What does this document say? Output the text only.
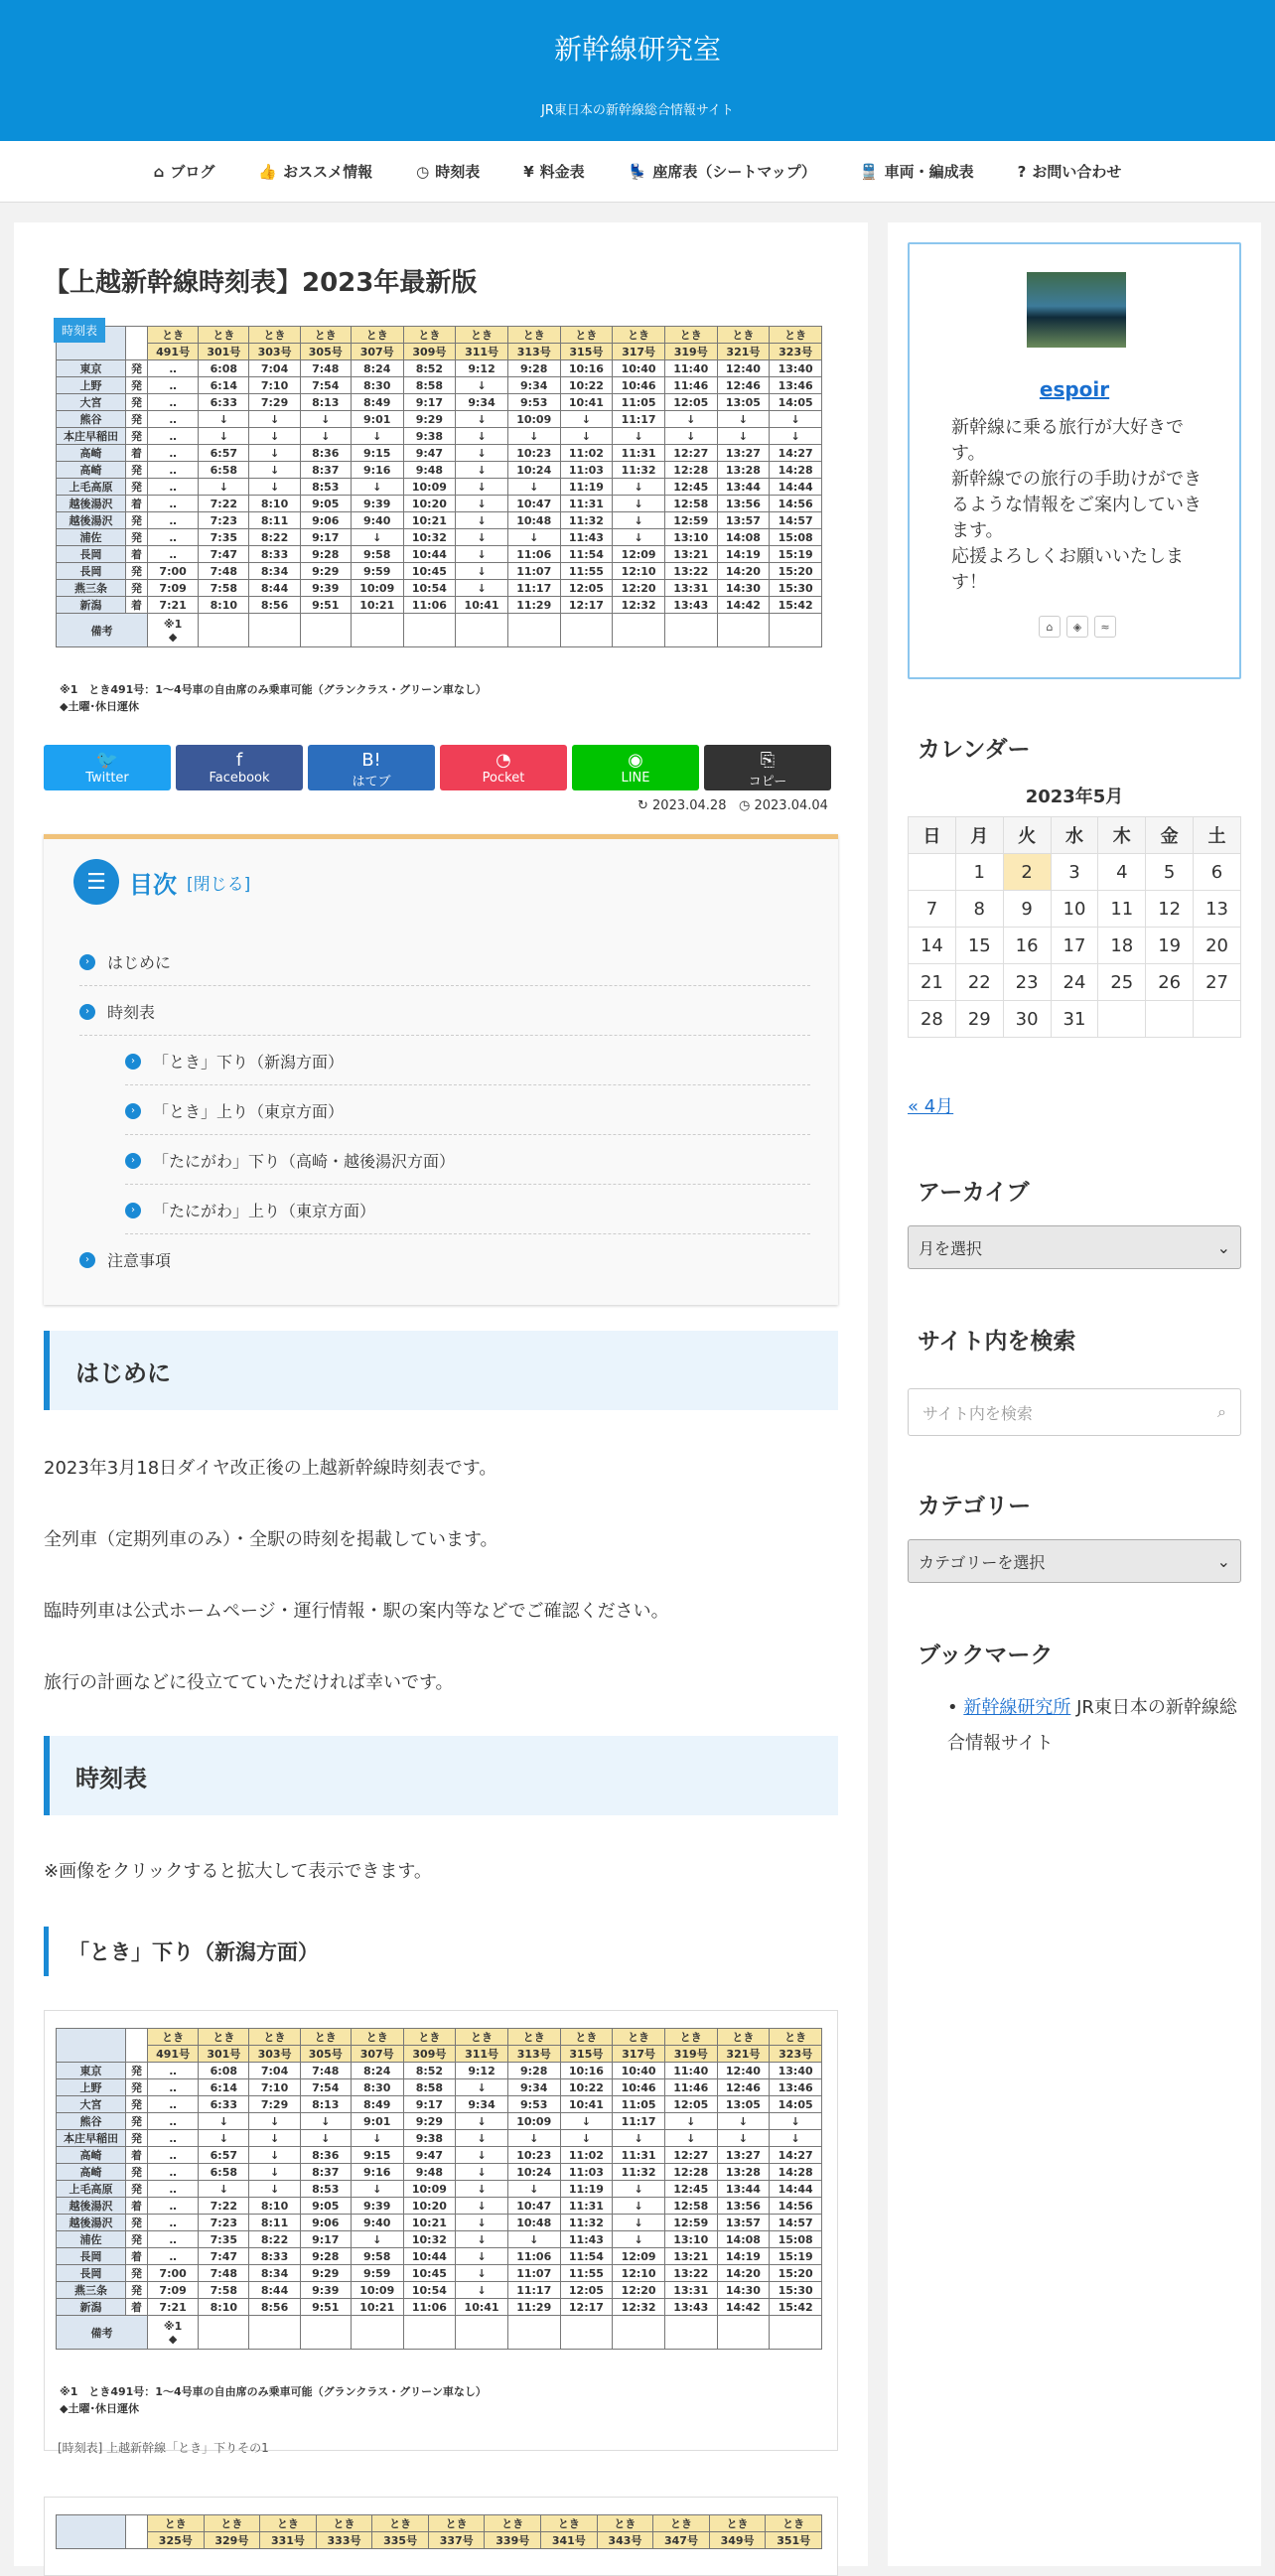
新幹線研究室
JR東日本の新幹線総合情報サイト
⌂ ブログ	👍 おススメ情報	◷ 時刻表	¥ 料金表	💺 座席表（シートマップ）	🚆 車両・編成表	? お問い合わせ
【上越新幹線時刻表】2023年最新版
		とき	とき	とき	とき	とき	とき	とき	とき	とき	とき	とき	とき	とき
		491号	301号	303号	305号	307号	309号	311号	313号	315号	317号	319号	321号	323号
東京	発	‥	6:08	7:04	7:48	8:24	8:52	9:12	9:28	10:16	10:40	11:40	12:40	13:40
上野	発	‥	6:14	7:10	7:54	8:30	8:58	↓	9:34	10:22	10:46	11:46	12:46	13:46
大宮	発	‥	6:33	7:29	8:13	8:49	9:17	9:34	9:53	10:41	11:05	12:05	13:05	14:05
熊谷	発	‥	↓	↓	↓	9:01	9:29	↓	10:09	↓	11:17	↓	↓	↓
本庄早稲田	発	‥	↓	↓	↓	↓	9:38	↓	↓	↓	↓	↓	↓	↓
高崎	着	‥	6:57	↓	8:36	9:15	9:47	↓	10:23	11:02	11:31	12:27	13:27	14:27
高崎	発	‥	6:58	↓	8:37	9:16	9:48	↓	10:24	11:03	11:32	12:28	13:28	14:28
上毛高原	発	‥	↓	↓	8:53	↓	10:09	↓	↓	11:19	↓	12:45	13:44	14:44
越後湯沢	着	‥	7:22	8:10	9:05	9:39	10:20	↓	10:47	11:31	↓	12:58	13:56	14:56
越後湯沢	発	‥	7:23	8:11	9:06	9:40	10:21	↓	10:48	11:32	↓	12:59	13:57	14:57
浦佐	発	‥	7:35	8:22	9:17	↓	10:32	↓	↓	11:43	↓	13:10	14:08	15:08
長岡	着	‥	7:47	8:33	9:28	9:58	10:44	↓	11:06	11:54	12:09	13:21	14:19	15:19
長岡	発	7:00	7:48	8:34	9:29	9:59	10:45	↓	11:07	11:55	12:10	13:22	14:20	15:20
燕三条	発	7:09	7:58	8:44	9:39	10:09	10:54	↓	11:17	12:05	12:20	13:31	14:30	15:30
新潟	着	7:21	8:10	8:56	9:51	10:21	11:06	10:41	11:29	12:17	12:32	13:43	14:42	15:42
備考		※1
◆												

時刻表
※1　とき491号：1〜4号車の自由席のみ乗車可能（グランクラス・グリーン車なし）
◆土曜･休日運休
🐦
Twitter
f
Facebook
B!
はてブ
◔
Pocket
◉
LINE
⎘
コピー
↻ 2023.04.28 ◷ 2023.04.04
☰ 目次 [閉じる]
›	はじめに
›	時刻表
›	「とき」下り（新潟方面）
›	「とき」上り（東京方面）
›	「たにがわ」下り（高崎・越後湯沢方面）
›	「たにがわ」上り（東京方面）
›	注意事項
はじめに
2023年3月18日ダイヤ改正後の上越新幹線時刻表です。
全列車（定期列車のみ）・全駅の時刻を掲載しています。
臨時列車は公式ホームページ・運行情報・駅の案内等などでご確認ください。
旅行の計画などに役立てていただければ幸いです。
時刻表
※画像をクリックすると拡大して表示できます。
「とき」下り（新潟方面）
		とき	とき	とき	とき	とき	とき	とき	とき	とき	とき	とき	とき	とき
		491号	301号	303号	305号	307号	309号	311号	313号	315号	317号	319号	321号	323号
東京	発	‥	6:08	7:04	7:48	8:24	8:52	9:12	9:28	10:16	10:40	11:40	12:40	13:40
上野	発	‥	6:14	7:10	7:54	8:30	8:58	↓	9:34	10:22	10:46	11:46	12:46	13:46
大宮	発	‥	6:33	7:29	8:13	8:49	9:17	9:34	9:53	10:41	11:05	12:05	13:05	14:05
熊谷	発	‥	↓	↓	↓	9:01	9:29	↓	10:09	↓	11:17	↓	↓	↓
本庄早稲田	発	‥	↓	↓	↓	↓	9:38	↓	↓	↓	↓	↓	↓	↓
高崎	着	‥	6:57	↓	8:36	9:15	9:47	↓	10:23	11:02	11:31	12:27	13:27	14:27
高崎	発	‥	6:58	↓	8:37	9:16	9:48	↓	10:24	11:03	11:32	12:28	13:28	14:28
上毛高原	発	‥	↓	↓	8:53	↓	10:09	↓	↓	11:19	↓	12:45	13:44	14:44
越後湯沢	着	‥	7:22	8:10	9:05	9:39	10:20	↓	10:47	11:31	↓	12:58	13:56	14:56
越後湯沢	発	‥	7:23	8:11	9:06	9:40	10:21	↓	10:48	11:32	↓	12:59	13:57	14:57
浦佐	発	‥	7:35	8:22	9:17	↓	10:32	↓	↓	11:43	↓	13:10	14:08	15:08
長岡	着	‥	7:47	8:33	9:28	9:58	10:44	↓	11:06	11:54	12:09	13:21	14:19	15:19
長岡	発	7:00	7:48	8:34	9:29	9:59	10:45	↓	11:07	11:55	12:10	13:22	14:20	15:20
燕三条	発	7:09	7:58	8:44	9:39	10:09	10:54	↓	11:17	12:05	12:20	13:31	14:30	15:30
新潟	着	7:21	8:10	8:56	9:51	10:21	11:06	10:41	11:29	12:17	12:32	13:43	14:42	15:42
備考		※1
◆												

※1　とき491号：1〜4号車の自由席のみ乗車可能（グランクラス・グリーン車なし）
◆土曜･休日運休
[時刻表] 上越新幹線「とき」下りその1
		とき	とき	とき	とき	とき	とき	とき	とき	とき	とき	とき	とき
		325号	329号	331号	333号	335号	337号	339号	341号	343号	347号	349号	351号
espoir
新幹線に乗る旅行が大好きです。
新幹線での旅行の手助けができるような情報をご案内していきます。
応援よろしくお願いいたします！
⌂	◈	≈
カレンダー
2023年5月
日	月	火	水	木	金	土
	1	2	3	4	5	6
7	8	9	10	11	12	13
14	15	16	17	18	19	20
21	22	23	24	25	26	27
28	29	30	31			
« 4月
アーカイブ
月を選択	⌄
サイト内を検索
サイト内を検索	⌕
カテゴリー
カテゴリーを選択	⌄
ブックマーク
• 新幹線研究所 JR東日本の新幹線総合情報サイト
